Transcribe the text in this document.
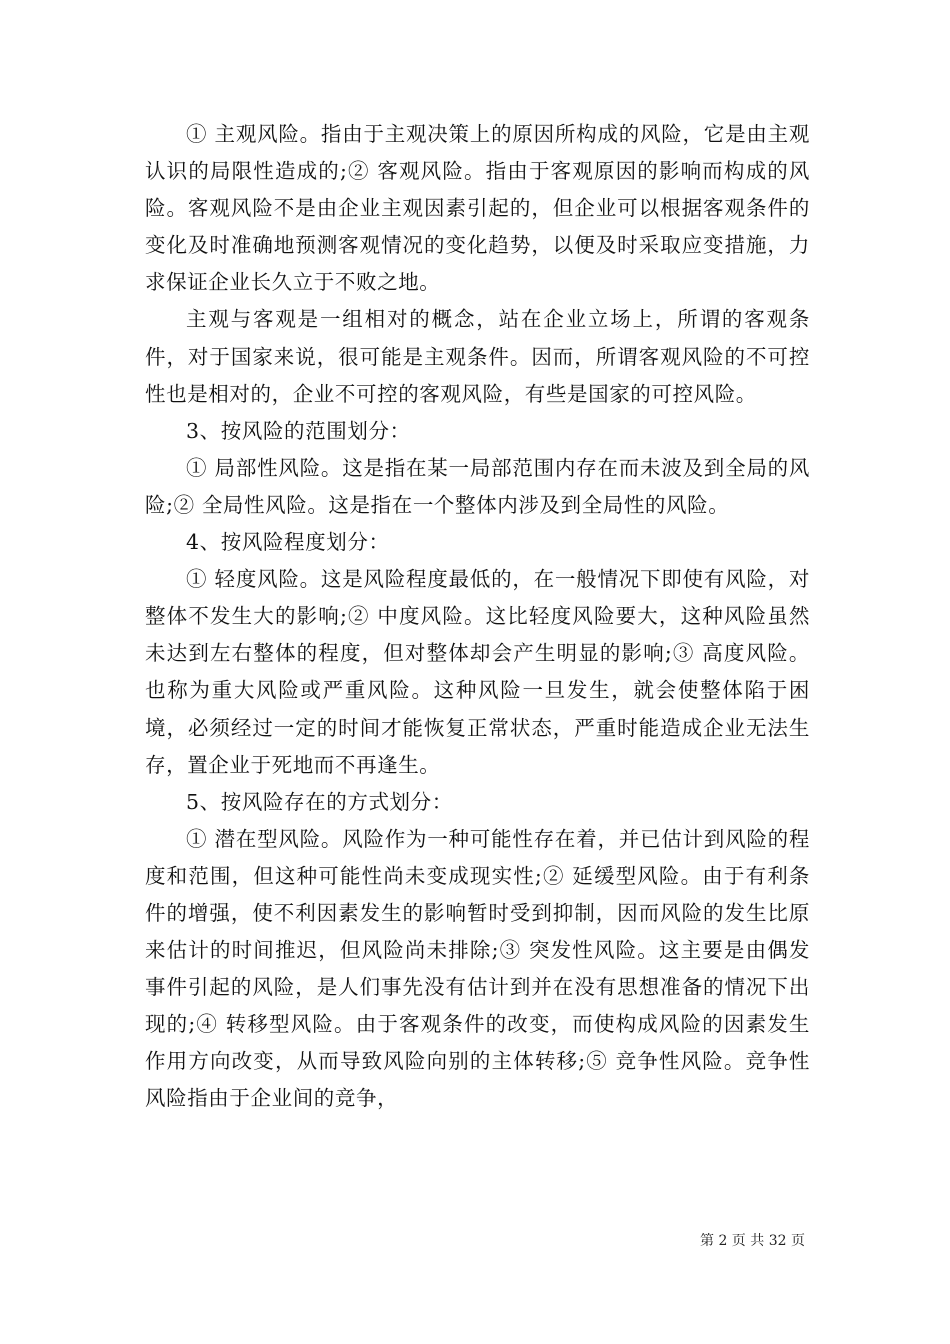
① 主观风险。指由于主观决策上的原因所构成的风险，它是由主观认识的局限性造成的;② 客观风险。指由于客观原因的影响而构成的风险。客观风险不是由企业主观因素引起的，但企业可以根据客观条件的变化及时准确地预测客观情况的变化趋势，以便及时采取应变措施，力求保证企业长久立于不败之地。

主观与客观是一组相对的概念，站在企业立场上，所谓的客观条件，对于国家来说，很可能是主观条件。因而，所谓客观风险的不可控性也是相对的，企业不可控的客观风险，有些是国家的可控风险。

3、按风险的范围划分：

① 局部性风险。这是指在某一局部范围内存在而未波及到全局的风险;② 全局性风险。这是指在一个整体内涉及到全局性的风险。

4、按风险程度划分：

① 轻度风险。这是风险程度最低的，在一般情况下即使有风险，对整体不发生大的影响;② 中度风险。这比轻度风险要大，这种风险虽然未达到左右整体的程度，但对整体却会产生明显的影响;③ 高度风险。也称为重大风险或严重风险。这种风险一旦发生，就会使整体陷于困境，必须经过一定的时间才能恢复正常状态，严重时能造成企业无法生存，置企业于死地而不再逢生。

5、按风险存在的方式划分：

① 潜在型风险。风险作为一种可能性存在着，并已估计到风险的程度和范围，但这种可能性尚未变成现实性;② 延缓型风险。由于有利条件的增强，使不利因素发生的影响暂时受到抑制，因而风险的发生比原来估计的时间推迟，但风险尚未排除;③ 突发性风险。这主要是由偶发事件引起的风险，是人们事先没有估计到并在没有思想准备的情况下出现的;④ 转移型风险。由于客观条件的改变，而使构成风险的因素发生作用方向改变，从而导致风险向别的主体转移;⑤ 竞争性风险。竞争性风险指由于企业间的竞争，

第 2 页 共 32 页
